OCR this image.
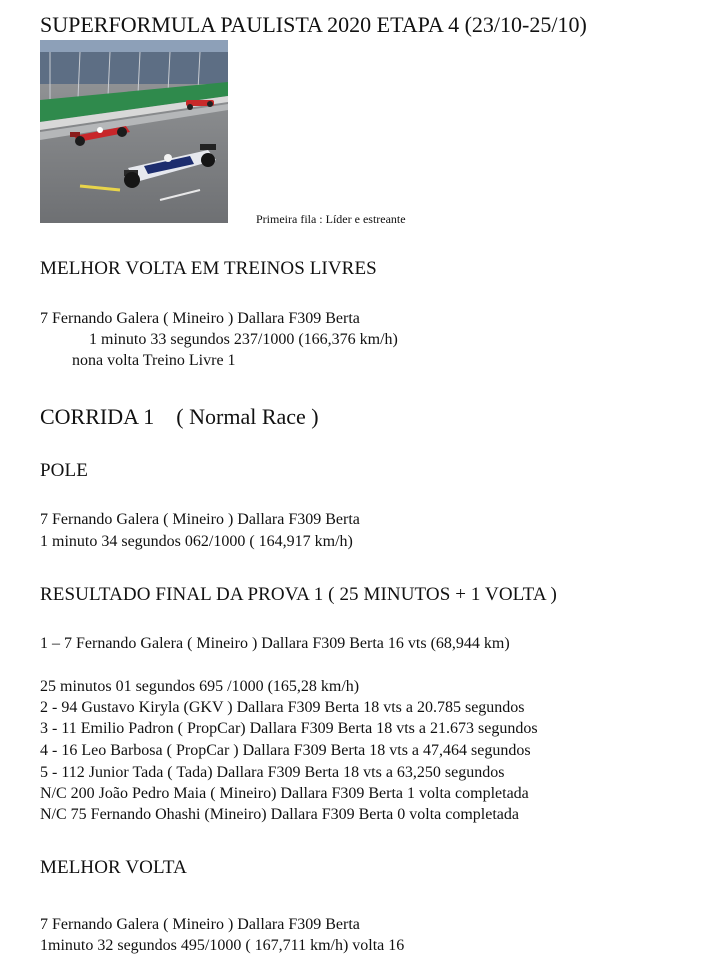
SUPERFORMULA PAULISTA 2020 ETAPA 4 (23/10-25/10)
Primeira fila : Líder e estreante
MELHOR VOLTA EM TREINOS LIVRES
7 Fernando Galera ( Mineiro ) Dallara F309 Berta
1 minuto 33 segundos 237/1000 (166,376 km/h)
nona volta Treino Livre 1
CORRIDA 1    ( Normal Race )
POLE
7 Fernando Galera ( Mineiro ) Dallara F309 Berta
1 minuto 34 segundos 062/1000 ( 164,917 km/h)
RESULTADO FINAL DA PROVA 1 ( 25 MINUTOS + 1 VOLTA )
1 – 7 Fernando Galera ( Mineiro ) Dallara F309 Berta 16 vts (68,944 km)
25 minutos 01 segundos 695 /1000 (165,28 km/h)
2 - 94 Gustavo Kiryla (GKV ) Dallara F309 Berta 18 vts a 20.785 segundos
3 - 11 Emilio Padron ( PropCar) Dallara F309 Berta 18 vts a 21.673 segundos
4 - 16 Leo Barbosa ( PropCar ) Dallara F309 Berta 18 vts a 47,464 segundos
5 - 112 Junior Tada ( Tada) Dallara F309 Berta 18 vts a 63,250 segundos
N/C 200 João Pedro Maia ( Mineiro) Dallara F309 Berta 1 volta completada
N/C 75 Fernando Ohashi (Mineiro) Dallara F309 Berta 0 volta completada
MELHOR VOLTA
7 Fernando Galera ( Mineiro ) Dallara F309 Berta
1minuto 32 segundos 495/1000 ( 167,711 km/h) volta 16
